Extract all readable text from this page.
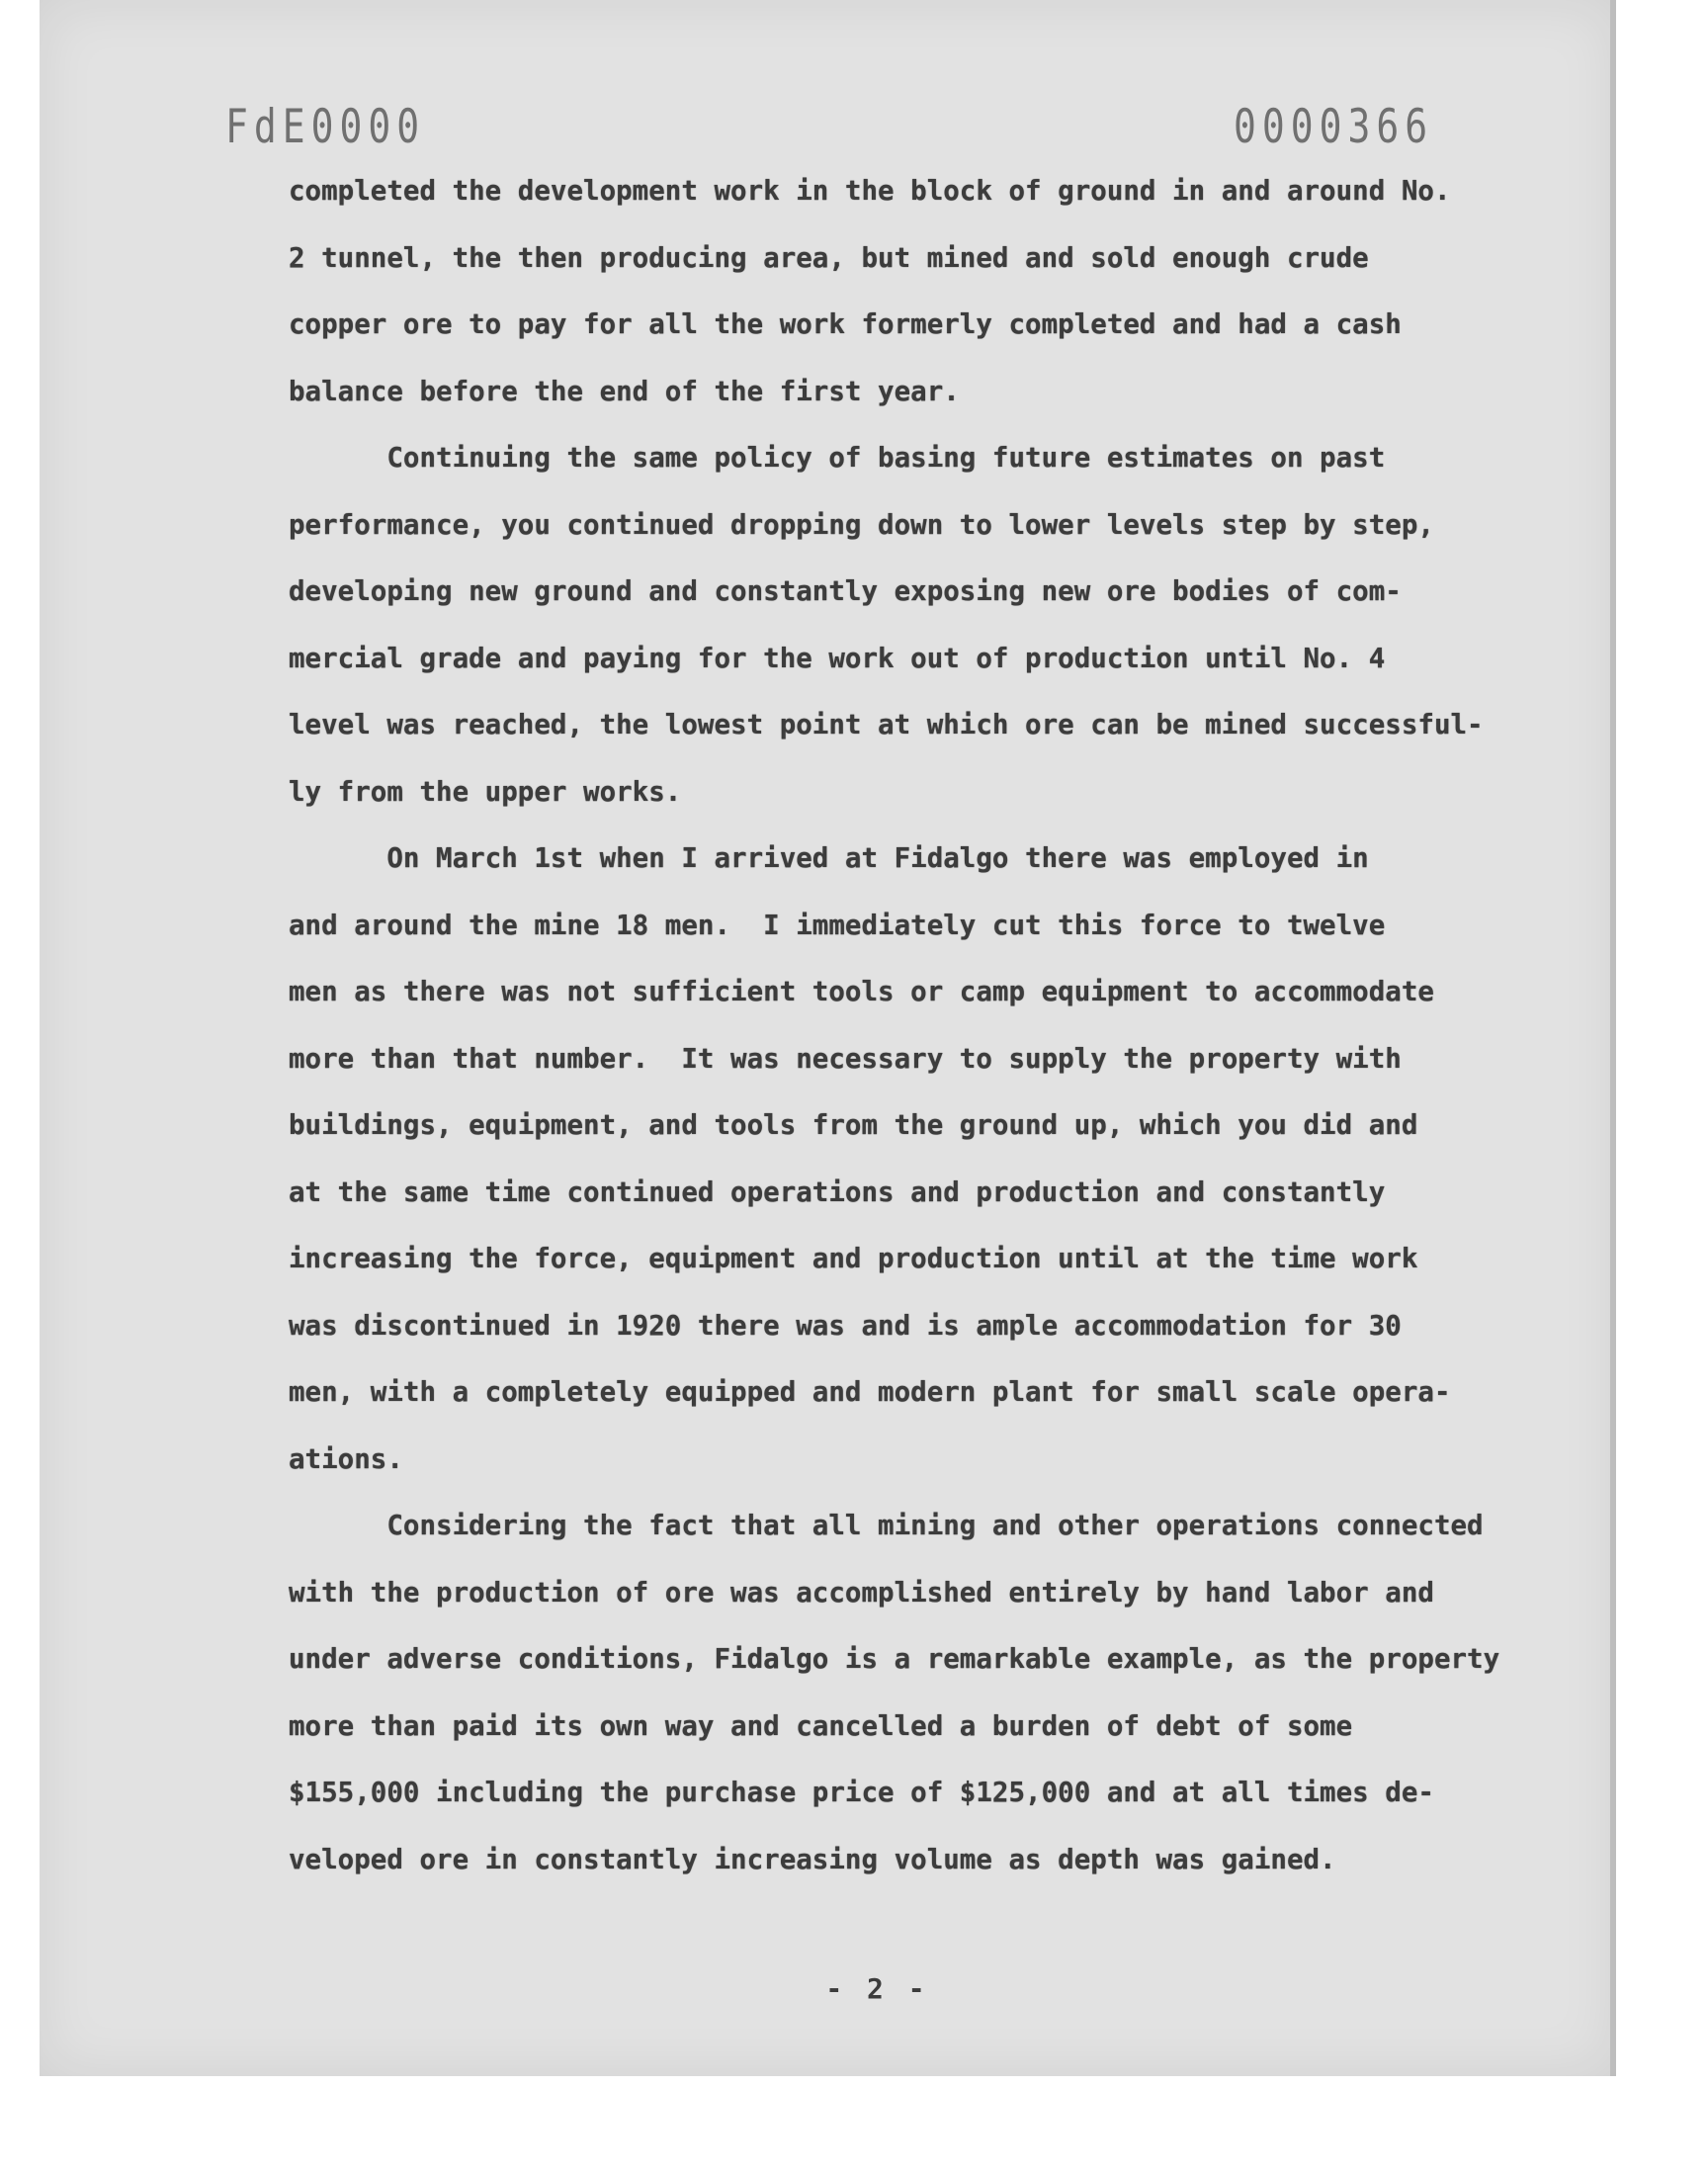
FdE0000	0000366
completed the development work in the block of ground in and around No.
2 tunnel, the then producing area, but mined and sold enough crude
copper ore to pay for all the work formerly completed and had a cash
balance before the end of the first year.
Continuing the same policy of basing future estimates on past
performance, you continued dropping down to lower levels step by step,
developing new ground and constantly exposing new ore bodies of com-
mercial grade and paying for the work out of production until No. 4
level was reached, the lowest point at which ore can be mined successful-
ly from the upper works.
On March 1st when I arrived at Fidalgo there was employed in
and around the mine 18 men.  I immediately cut this force to twelve
men as there was not sufficient tools or camp equipment to accommodate
more than that number.  It was necessary to supply the property with
buildings, equipment, and tools from the ground up, which you did and
at the same time continued operations and production and constantly
increasing the force, equipment and production until at the time work
was discontinued in 1920 there was and is ample accommodation for 30
men, with a completely equipped and modern plant for small scale opera-
ations.
Considering the fact that all mining and other operations connected
with the production of ore was accomplished entirely by hand labor and
under adverse conditions, Fidalgo is a remarkable example, as the property
more than paid its own way and cancelled a burden of debt of some
$155,000 including the purchase price of $125,000 and at all times de-
veloped ore in constantly increasing volume as depth was gained.
- 2 -
